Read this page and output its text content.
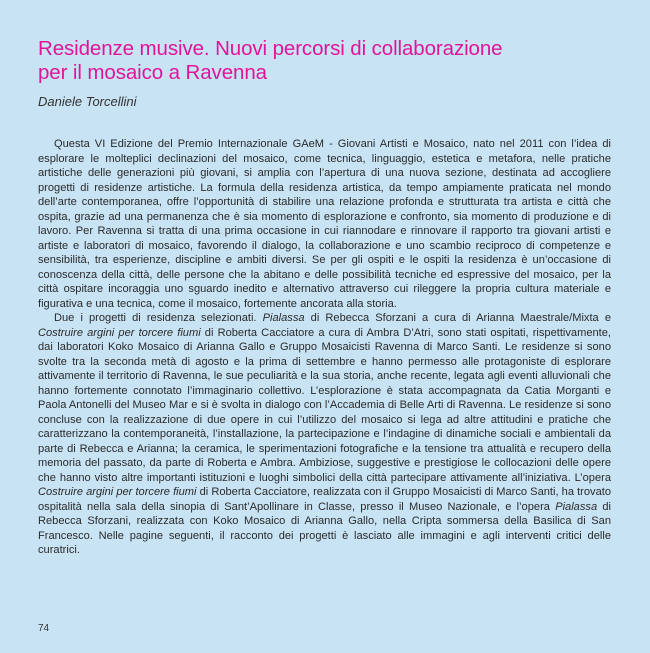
Residenze musive. Nuovi percorsi di collaborazione
per il mosaico a Ravenna

Daniele Torcellini

Questa VI Edizione del Premio Internazionale GAeM - Giovani Artisti e Mosaico, nato nel 2011 con l’idea di esplorare le molteplici declinazioni del mosaico, come tecnica, linguaggio, estetica e metafora, nelle pratiche artistiche delle generazioni più giovani, si amplia con l’apertura di una nuova sezione, destinata ad accogliere progetti di residenze artistiche. La formula della residenza artistica, da tempo ampiamente praticata nel mondo dell’arte contemporanea, offre l’opportunità di stabilire una relazione profonda e strutturata tra artista e città che ospita, grazie ad una permanenza che è sia momento di esplorazione e confronto, sia momento di produzione e di lavoro. Per Ravenna si tratta di una prima occasione in cui riannodare e rinnovare il rapporto tra giovani artisti e artiste e laboratori di mosaico, favorendo il dialogo, la collaborazione e uno scambio reciproco di competenze e sensibilità, tra esperienze, discipline e ambiti diversi. Se per gli ospiti e le ospiti la residenza è un’occasione di conoscenza della città, delle persone che la abitano e delle possibilità tecniche ed espressive del mosaico, per la città ospitare incoraggia uno sguardo inedito e alternativo attraverso cui rileggere la propria cultura materiale e figurativa e una tecnica, come il mosaico, fortemente ancorata alla storia.

Due i progetti di residenza selezionati. Pialassa di Rebecca Sforzani a cura di Arianna Maestrale/Mixta e Costruire argini per torcere fiumi di Roberta Cacciatore a cura di Ambra D’Atri, sono stati ospitati, rispettivamente, dai laboratori Koko Mosaico di Arianna Gallo e Gruppo Mosaicisti Ravenna di Marco Santi. Le residenze si sono svolte tra la seconda metà di agosto e la prima di settembre e hanno permesso alle protagoniste di esplorare attivamente il territorio di Ravenna, le sue peculiarità e la sua storia, anche recente, legata agli eventi alluvionali che hanno fortemente connotato l’immaginario collettivo. L’esplorazione è stata accompagnata da Catia Morganti e Paola Antonelli del Museo Mar e si è svolta in dialogo con l’Accademia di Belle Arti di Ravenna. Le residenze si sono concluse con la realizzazione di due opere in cui l’utilizzo del mosaico si lega ad altre attitudini e pratiche che caratterizzano la contemporaneità, l’installazione, la partecipazione e l’indagine di dinamiche sociali e ambientali da parte di Rebecca e Arianna; la ceramica, le sperimentazioni fotografiche e la tensione tra attualità e recupero della memoria del passato, da parte di Roberta e Ambra. Ambiziose, suggestive e prestigiose le collocazioni delle opere che hanno visto altre importanti istituzioni e luoghi simbolici della città partecipare attivamente all’iniziativa. L’opera Costruire argini per torcere fiumi di Roberta Cacciatore, realizzata con il Gruppo Mosaicisti di Marco Santi, ha trovato ospitalità nella sala della sinopia di Sant’Apollinare in Classe, presso il Museo Nazionale, e l’opera Pialassa di Rebecca Sforzani, realizzata con Koko Mosaico di Arianna Gallo, nella Cripta sommersa della Basilica di San Francesco. Nelle pagine seguenti, il racconto dei progetti è lasciato alle immagini e agli interventi critici delle curatrici.

74
